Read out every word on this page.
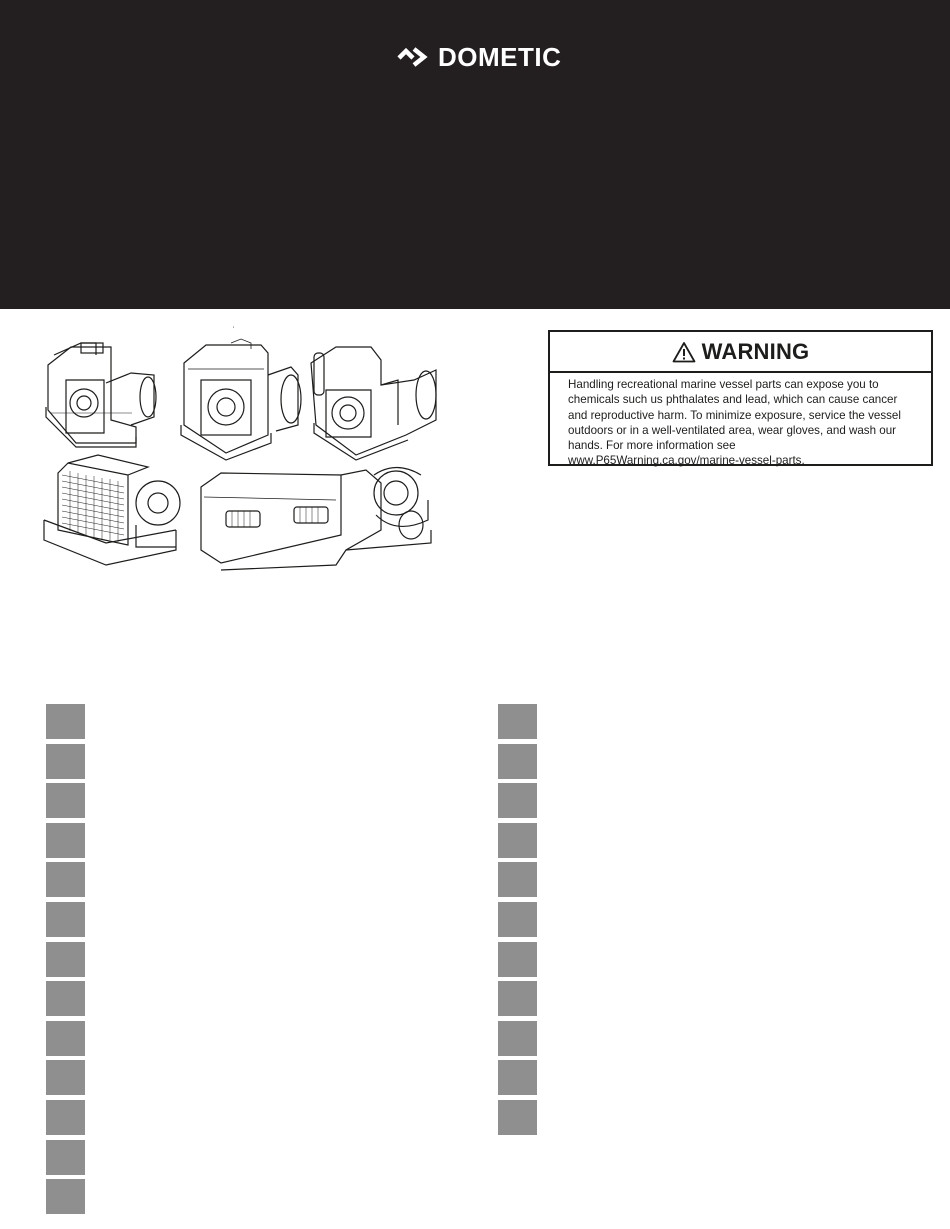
DOMETIC
'
WARNING

Handling recreational marine vessel parts can expose you to

chemicals such us phthalates and lead, which can cause cancer

and reproductive harm. To minimize exposure, service the vessel

outdoors or in a well-ventilated area, wear gloves, and wash our

hands. For more information see

www.P65Warning.ca.gov/marine-vessel-parts.
